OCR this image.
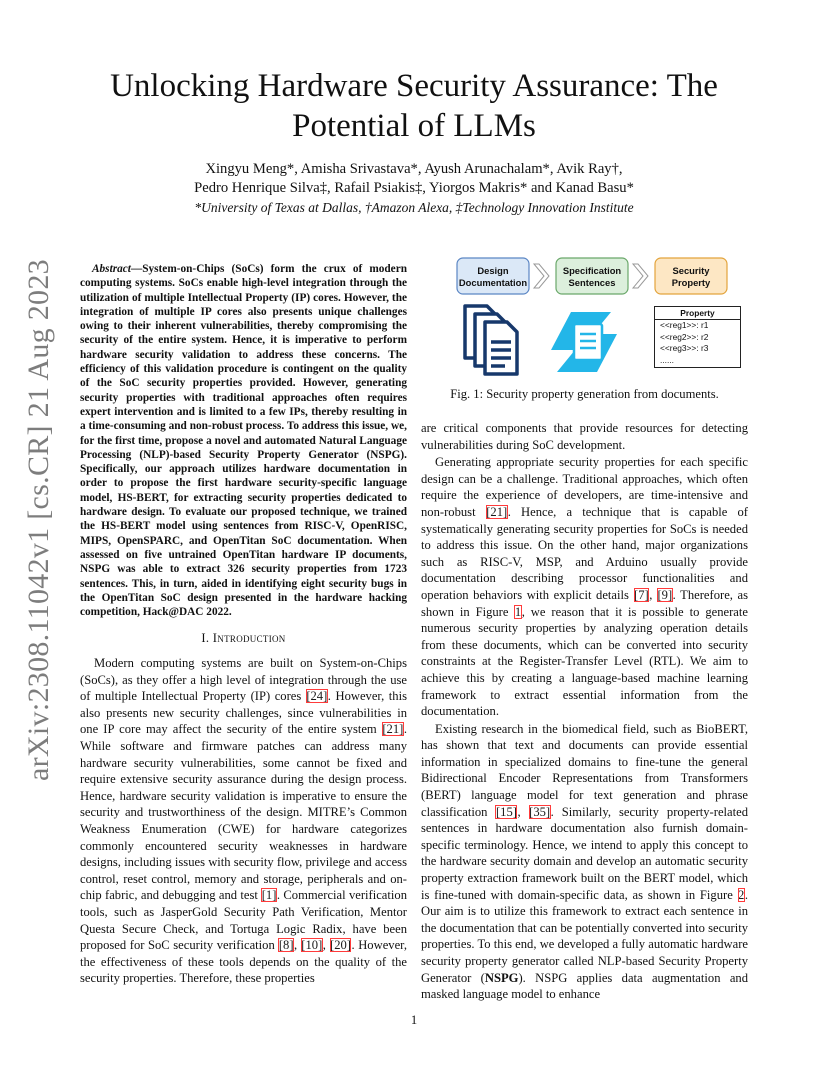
arXiv:2308.11042v1 [cs.CR] 21 Aug 2023
Unlocking Hardware Security Assurance: The Potential of LLMs
Xingyu Meng*, Amisha Srivastava*, Ayush Arunachalam*, Avik Ray†,
Pedro Henrique Silva‡, Rafail Psiakis‡, Yiorgos Makris* and Kanad Basu*
*University of Texas at Dallas, †Amazon Alexa, ‡Technology Innovation Institute
Design Documentation
Specification Sentences
Security Property
Property
<<reg1>>: r1
<<reg2>>: r2
<<reg3>>: r3
......
Fig. 1: Security property generation from documents.
Abstract—System-on-Chips (SoCs) form the crux of modern computing systems. SoCs enable high-level integration through the utilization of multiple Intellectual Property (IP) cores. However, the integration of multiple IP cores also presents unique challenges owing to their inherent vulnerabilities, thereby compromising the security of the entire system. Hence, it is imperative to perform hardware security validation to address these concerns. The efficiency of this validation procedure is contingent on the quality of the SoC security properties provided. However, generating security properties with traditional approaches often requires expert intervention and is limited to a few IPs, thereby resulting in a time-consuming and non-robust process. To address this issue, we, for the first time, propose a novel and automated Natural Language Processing (NLP)-based Security Property Generator (NSPG). Specifically, our approach utilizes hardware documentation in order to propose the first hardware security-specific language model, HS-BERT, for extracting security properties dedicated to hardware design. To evaluate our proposed technique, we trained the HS-BERT model using sentences from RISC-V, OpenRISC, MIPS, OpenSPARC, and OpenTitan SoC documentation. When assessed on five untrained OpenTitan hardware IP documents, NSPG was able to extract 326 security properties from 1723 sentences. This, in turn, aided in identifying eight security bugs in the OpenTitan SoC design presented in the hardware hacking competition, Hack@DAC 2022.
I. Introduction

Modern computing systems are built on System-on-Chips (SoCs), as they offer a high level of integration through the use of multiple Intellectual Property (IP) cores [24]. However, this also presents new security challenges, since vulnerabilities in one IP core may affect the security of the entire system [21]. While software and firmware patches can address many hardware security vulnerabilities, some cannot be fixed and require extensive security assurance during the design process. Hence, hardware security validation is imperative to ensure the security and trustworthiness of the design. MITRE’s Common Weakness Enumeration (CWE) for hardware categorizes commonly encountered security weaknesses in hardware designs, including issues with security flow, privilege and access control, reset control, memory and storage, peripherals and on-chip fabric, and debugging and test [1]. Commercial verification tools, such as JasperGold Security Path Verification, Mentor Questa Secure Check, and Tortuga Logic Radix, have been proposed for SoC security verification [8], [10], [20]. However, the effectiveness of these tools depends on the quality of the security properties. Therefore, these properties

are critical components that provide resources for detecting vulnerabilities during SoC development.

Generating appropriate security properties for each specific design can be a challenge. Traditional approaches, which often require the experience of developers, are time-intensive and non-robust [21]. Hence, a technique that is capable of systematically generating security properties for SoCs is needed to address this issue. On the other hand, major organizations such as RISC-V, MSP, and Arduino usually provide documentation describing processor functionalities and operation behaviors with explicit details [7], [9]. Therefore, as shown in Figure 1, we reason that it is possible to generate numerous security properties by analyzing operation details from these documents, which can be converted into security constraints at the Register-Transfer Level (RTL). We aim to achieve this by creating a language-based machine learning framework to extract essential information from the documentation.

Existing research in the biomedical field, such as BioBERT, has shown that text and documents can provide essential information in specialized domains to fine-tune the general Bidirectional Encoder Representations from Transformers (BERT) language model for text generation and phrase classification [15], [35]. Similarly, security property-related sentences in hardware documentation also furnish domain-specific terminology. Hence, we intend to apply this concept to the hardware security domain and develop an automatic security property extraction framework built on the BERT model, which is fine-tuned with domain-specific data, as shown in Figure 2. Our aim is to utilize this framework to extract each sentence in the documentation that can be potentially converted into security properties. To this end, we developed a fully automatic hardware security property generator called NLP-based Security Property Generator (NSPG). NSPG applies data augmentation and masked language model to enhance

1
